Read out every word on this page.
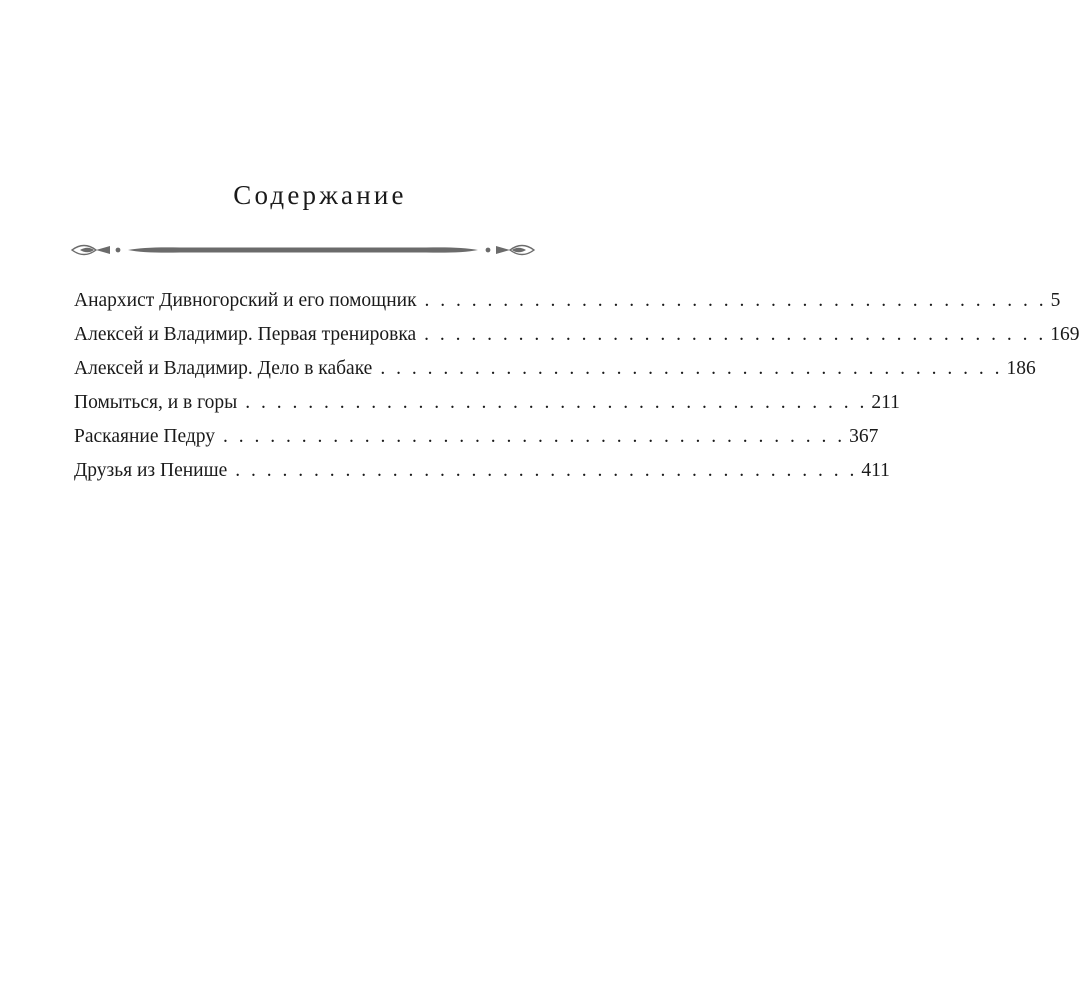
Содержание
Анархист Дивногорский и его помощник . . . . . . . . . . . . . . . . . . . . . . . . . . . . . . . . . . . . . . . . 5
Алексей и Владимир. Первая тренировка . . . . . . . . . . . . . . . . . . . . . . . . . . . . . . . . . . . . . . . . 169
Алексей и Владимир. Дело в кабаке . . . . . . . . . . . . . . . . . . . . . . . . . . . . . . . . . . . . . . . . 186
Помыться, и в горы . . . . . . . . . . . . . . . . . . . . . . . . . . . . . . . . . . . . . . . . 211
Раскаяние Педру . . . . . . . . . . . . . . . . . . . . . . . . . . . . . . . . . . . . . . . . 367
Друзья из Пенише . . . . . . . . . . . . . . . . . . . . . . . . . . . . . . . . . . . . . . . . 411
